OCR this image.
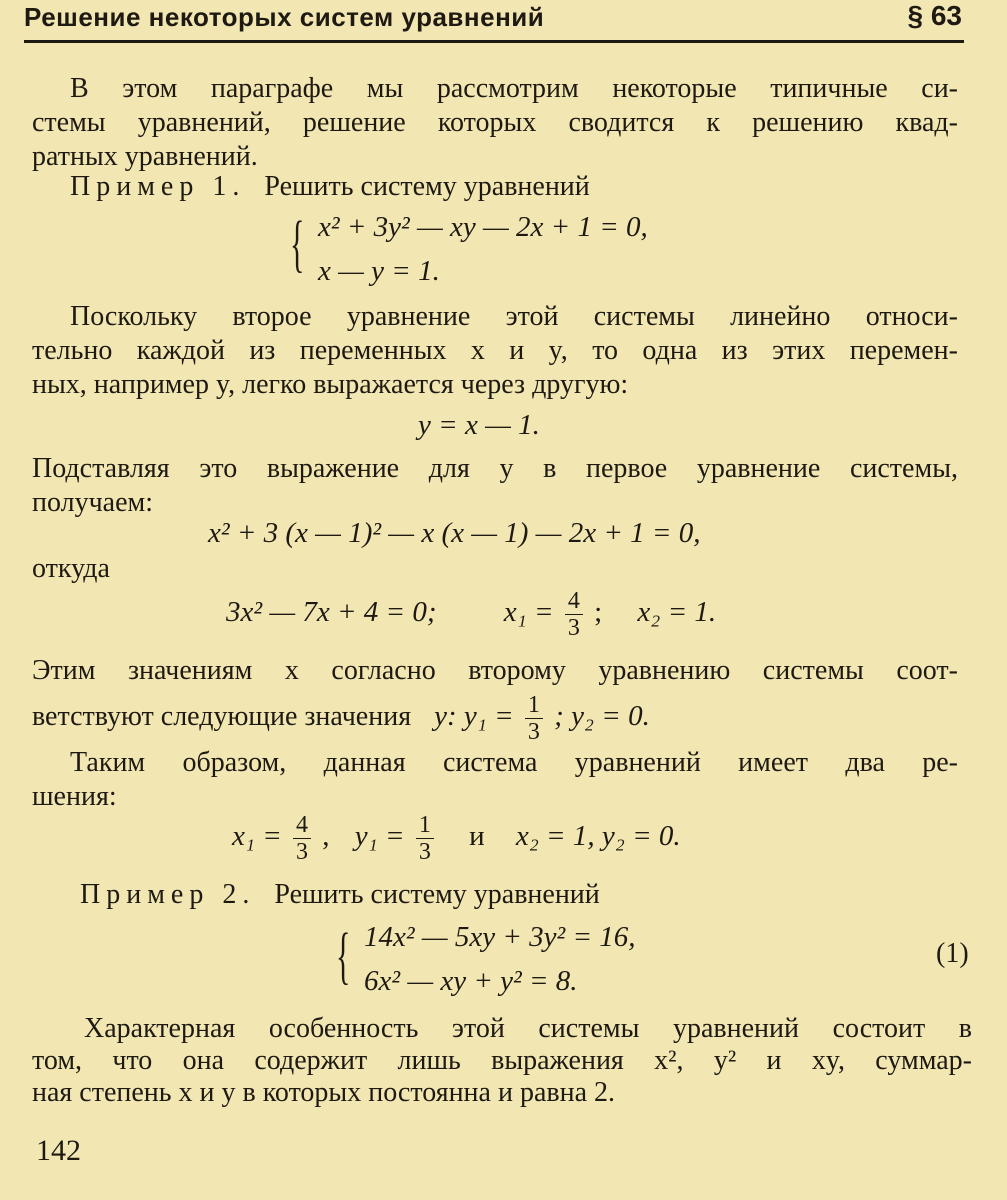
Решение некоторых систем уравнений	§ 63
В этом параграфе мы рассмотрим некоторые типичные си-
стемы уравнений, решение которых сводится к решению квад-
ратных уравнений.
Пример 1. Решить систему уравнений
{ x² + 3y² — xy — 2x + 1 = 0,
x — y = 1.
Поскольку второе уравнение этой системы линейно относи-
тельно каждой из переменных x и y, то одна из этих перемен-
ных, например y, легко выражается через другую:
y = x — 1.
Подставляя это выражение для y в первое уравнение системы,
получаем:
x² + 3 (x — 1)² — x (x — 1) — 2x + 1 = 0,
откуда
3x² — 7x + 4 = 0; $x_1 = \frac{4}{3}$ ; x₂ = 1.
Этим значениям x согласно второму уравнению системы соот-
ветствуют следующие значения y: $y_1 = \frac{1}{3}$ ; y₂ = 0.
Таким образом, данная система уравнений имеет два ре-
шения:
$x_1 = \frac{4}{3}$ , $y_1 = \frac{1}{3}$ и x₂ = 1, y₂ = 0.
Пример 2. Решить систему уравнений
{ 14x² — 5xy + 3y² = 16,
6x² — xy + y² = 8.
(1)
Характерная особенность этой системы уравнений состоит в
том, что она содержит лишь выражения x², y² и xy, суммар-
ная степень x и y в которых постоянна и равна 2.
142
